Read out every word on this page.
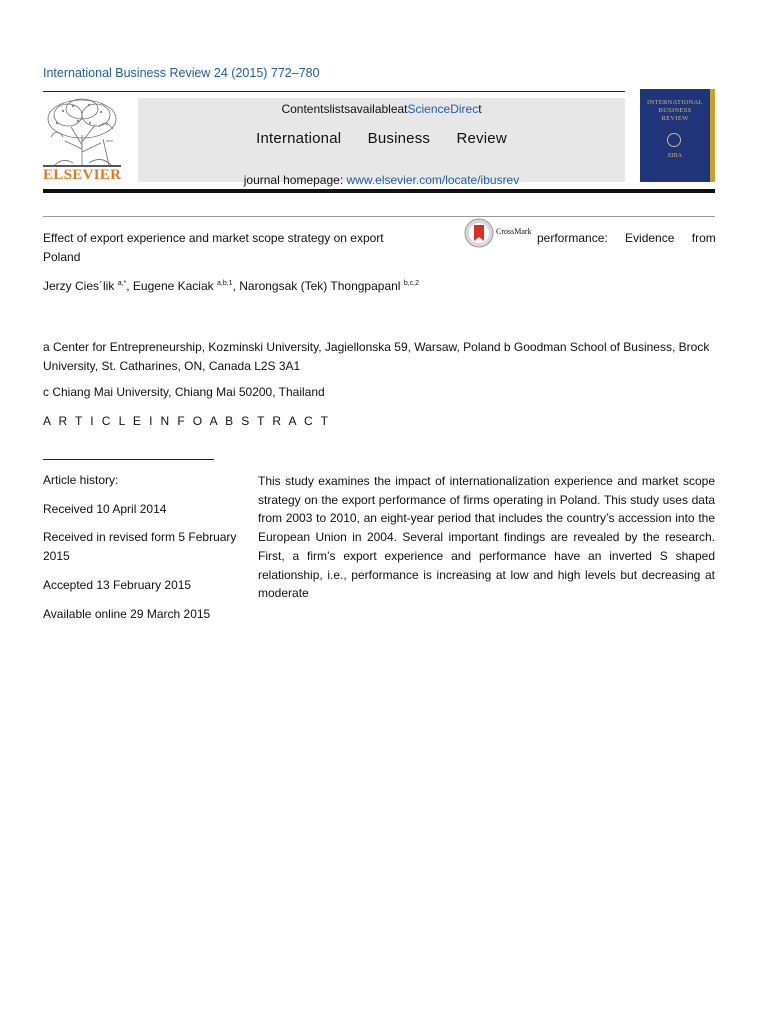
International Business Review 24 (2015) 772–780
ELSEVIER
ContentslistsavailableatScienceDirect
International Business Review
journal homepage: www.elsevier.com/locate/ibusrev
INTERNATIONAL BUSINESS REVIEW
EIBA
Effect of export experience and market scope strategy on export
Poland
performance: Evidence from
CrossMark
Jerzy Cies´lik $^{a,*}$, Eugene Kaciak $^{a,b,1}$, Narongsak (Tek) Thongpapanl $^{b,c,2}$
a Center for Entrepreneurship, Kozminski University, Jagiellonska 59, Warsaw, Poland b Goodman School of Business, Brock University, St. Catharines, ON, Canada L2S 3A1
c Chiang Mai University, Chiang Mai 50200, Thailand
A R T I C L E I N F O A B S T R A C T
Article history:
Received 10 April 2014
Received in revised form 5 February
2015
Accepted 13 February 2015
Available online 29 March 2015
This study examines the impact of internationalization experience and market scope strategy on the export performance of firms operating in Poland. This study uses data from 2003 to 2010, an eight-year period that includes the country’s accession into the European Union in 2004. Several important findings are revealed by the research. First, a firm’s export experience and performance have an inverted S shaped relationship, i.e., performance is increasing at low and high levels but decreasing at moderate
